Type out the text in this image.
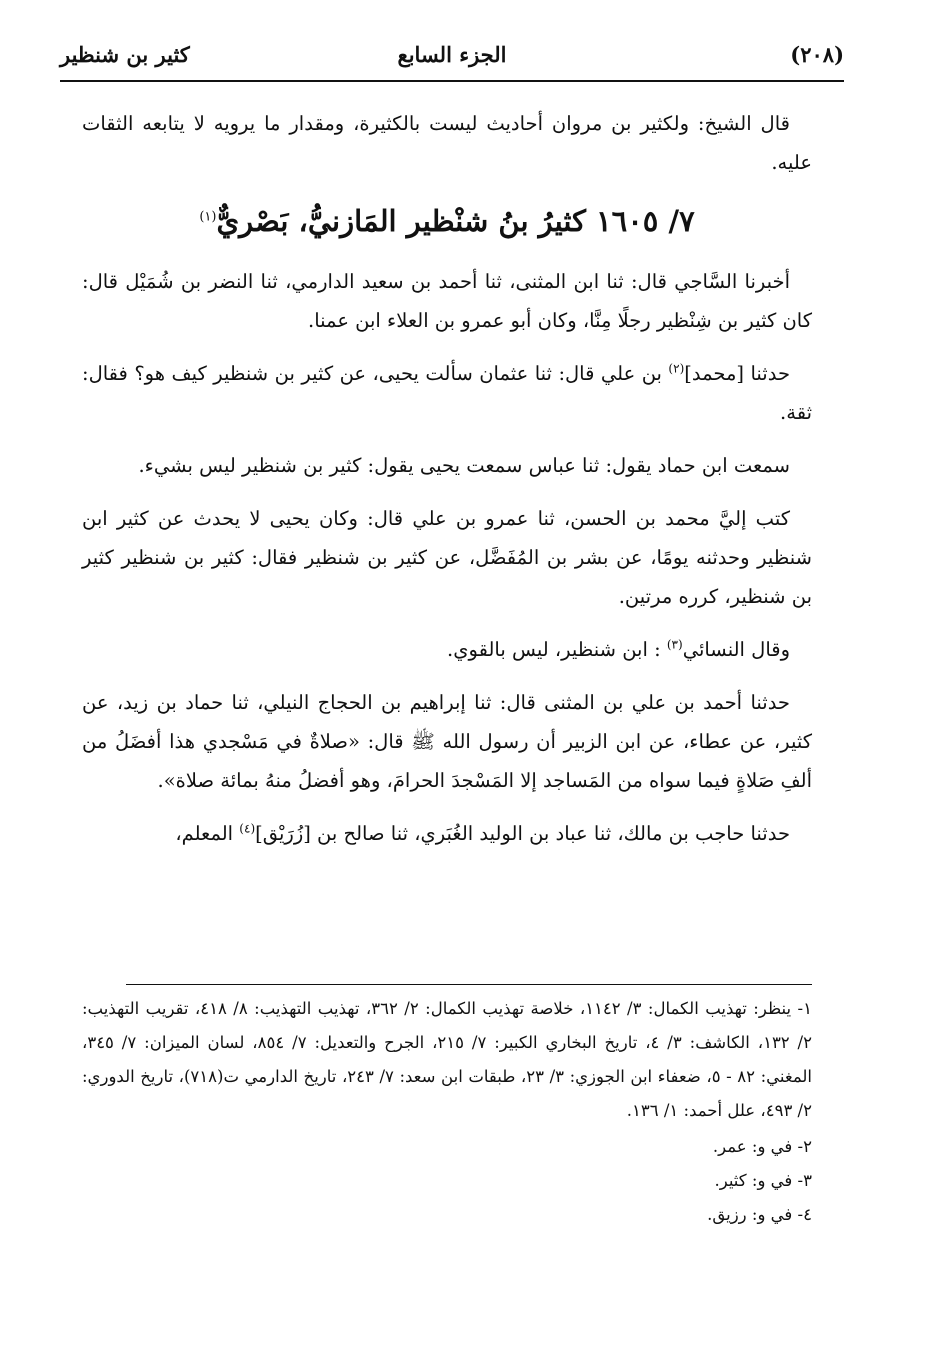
(٢٠٨)
الجزء السابع
كثير بن شنظير

قال الشيخ: ولكثير بن مروان أحاديث ليست بالكثيرة، ومقدار ما يرويه لا يتابعه الثقات عليه.

٧/ ١٦٠٥ كثيرُ بنُ شنْظير المَازنيُّ، بَصْريٌّ$^{(١)}$

أخبرنا السَّاجي قال: ثنا ابن المثنى، ثنا أحمد بن سعيد الدارمي، ثنا النضر بن شُمَيْل قال: كان كثير بن شِنْظير رجلًا مِنَّا، وكان أبو عمرو بن العلاء ابن عمنا.

حدثنا [محمد]$^{(٢)}$ بن علي قال: ثنا عثمان سألت يحيى، عن كثير بن شنظير كيف هو؟ فقال: ثقة.

سمعت ابن حماد يقول: ثنا عباس سمعت يحيى يقول: كثير بن شنظير ليس بشيء.

كتب إليَّ محمد بن الحسن، ثنا عمرو بن علي قال: وكان يحيى لا يحدث عن كثير ابن شنظير وحدثنه يومًا، عن بشر بن المُفَضَّل، عن كثير بن شنظير فقال: كثير بن شنظير كثير بن شنظير، كرره مرتين.

وقال النسائي$^{(٣)}$ : ابن شنظير، ليس بالقوي.

حدثنا أحمد بن علي بن المثنى قال: ثنا إبراهيم بن الحجاج النيلي، ثنا حماد بن زيد، عن كثير، عن عطاء، عن ابن الزبير أن رسول الله ﷺ قال: «صلاةٌ في مَسْجدي هذا أفضَلُ من ألفِ صَلاةٍ فيما سواه من المَساجد إلا المَسْجدَ الحرامَ، وهو أفضلُ منهُ بمائة صلاة».

حدثنا حاجب بن مالك، ثنا عباد بن الوليد الغُبَري، ثنا صالح بن [زُرَيْق]$^{(٤)}$ المعلم،

١- ينظر: تهذيب الكمال: ٣/ ١١٤٢، خلاصة تهذيب الكمال: ٢/ ٣٦٢، تهذيب التهذيب: ٨/ ٤١٨، تقريب التهذيب: ٢/ ١٣٢، الكاشف: ٣/ ٤، تاريخ البخاري الكبير: ٧/ ٢١٥، الجرح والتعديل: ٧/ ٨٥٤، لسان الميزان: ٧/ ٣٤٥، المغني: ٨٢ - ٥، ضعفاء ابن الجوزي: ٣/ ٢٣، طبقات ابن سعد: ٧/ ٢٤٣، تاريخ الدارمي ت(٧١٨)، تاريخ الدوري: ٢/ ٤٩٣، علل أحمد: ١/ ١٣٦.

٢- في و: عمر.

٣- في و: كثير.

٤- في و: رزيق.
